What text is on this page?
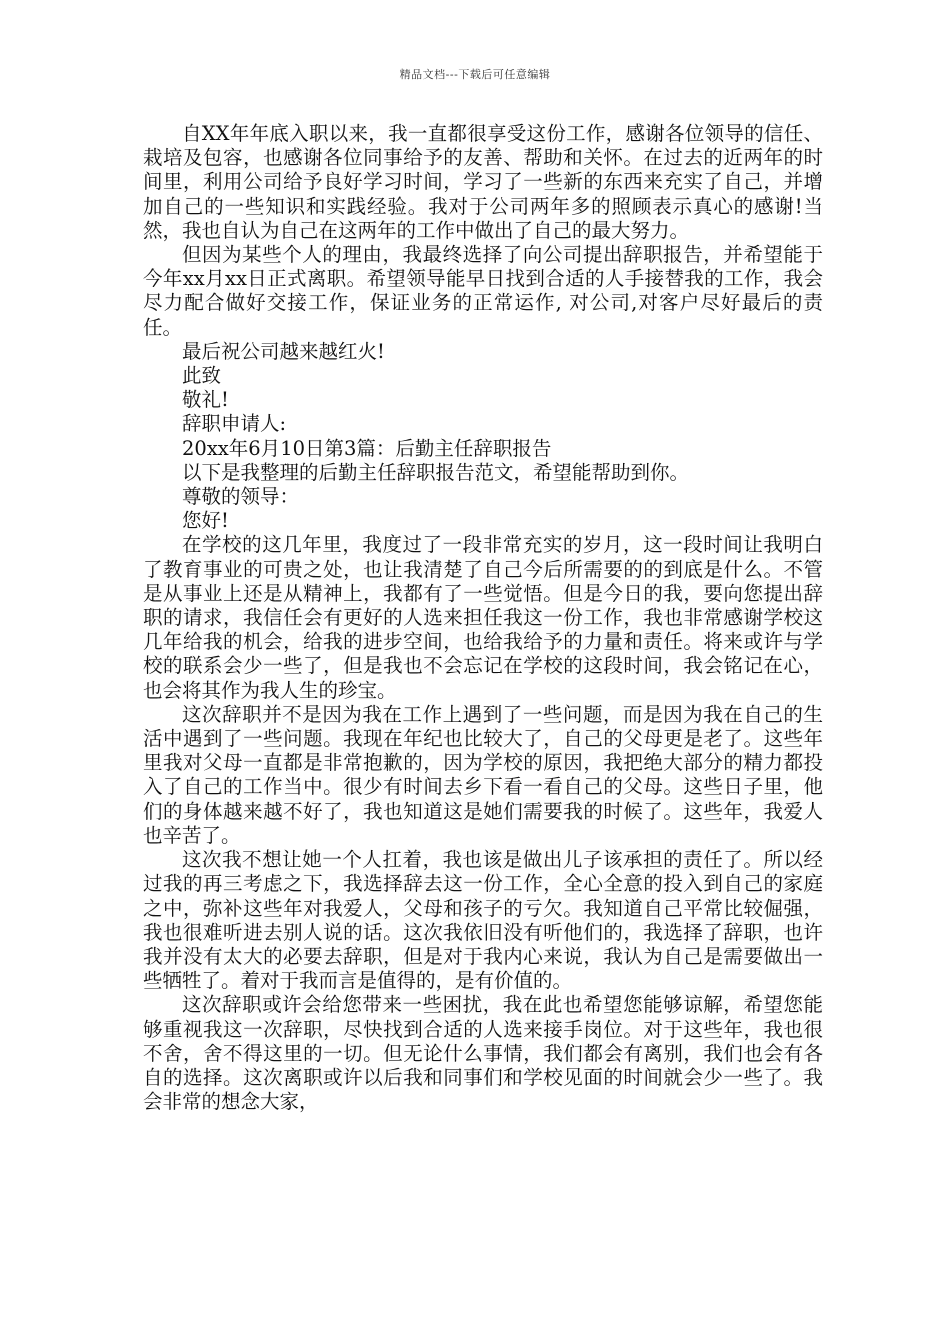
精品文档---下载后可任意编辑

自XX年年底入职以来，我一直都很享受这份工作，感谢各位领导的信任、栽培及包容，也感谢各位同事给予的友善、帮助和关怀。在过去的近两年的时间里，利用公司给予良好学习时间，学习了一些新的东西来充实了自己，并增加自己的一些知识和实践经验。我对于公司两年多的照顾表示真心的感谢!当然，我也自认为自己在这两年的工作中做出了自己的最大努力。

但因为某些个人的理由，我最终选择了向公司提出辞职报告，并希望能于今年xx月xx日正式离职。希望领导能早日找到合适的人手接替我的工作，我会尽力配合做好交接工作，保证业务的正常运作, 对公司,对客户尽好最后的责任。

最后祝公司越来越红火!

此致

敬礼!

辞职申请人:

20xx年6月10日第3篇：后勤主任辞职报告

以下是我整理的后勤主任辞职报告范文，希望能帮助到你。

尊敬的领导：

您好!

在学校的这几年里，我度过了一段非常充实的岁月，这一段时间让我明白了教育事业的可贵之处，也让我清楚了自己今后所需要的的到底是什么。不管是从事业上还是从精神上，我都有了一些觉悟。但是今日的我，要向您提出辞职的请求，我信任会有更好的人选来担任我这一份工作，我也非常感谢学校这几年给我的机会，给我的进步空间，也给我给予的力量和责任。将来或许与学校的联系会少一些了，但是我也不会忘记在学校的这段时间，我会铭记在心，也会将其作为我人生的珍宝。

这次辞职并不是因为我在工作上遇到了一些问题，而是因为我在自己的生活中遇到了一些问题。我现在年纪也比较大了，自己的父母更是老了。这些年里我对父母一直都是非常抱歉的，因为学校的原因，我把绝大部分的精力都投入了自己的工作当中。很少有时间去乡下看一看自己的父母。这些日子里，他们的身体越来越不好了，我也知道这是她们需要我的时候了。这些年，我爱人也辛苦了。

这次我不想让她一个人扛着，我也该是做出儿子该承担的责任了。所以经过我的再三考虑之下，我选择辞去这一份工作，全心全意的投入到自己的家庭之中，弥补这些年对我爱人，父母和孩子的亏欠。我知道自己平常比较倔强，我也很难听进去别人说的话。这次我依旧没有听他们的，我选择了辞职，也许我并没有太大的必要去辞职，但是对于我内心来说，我认为自己是需要做出一些牺牲了。着对于我而言是值得的，是有价值的。

这次辞职或许会给您带来一些困扰，我在此也希望您能够谅解，希望您能够重视我这一次辞职，尽快找到合适的人选来接手岗位。对于这些年，我也很不舍，舍不得这里的一切。但无论什么事情，我们都会有离别，我们也会有各自的选择。这次离职或许以后我和同事们和学校见面的时间就会少一些了。我会非常的想念大家，
